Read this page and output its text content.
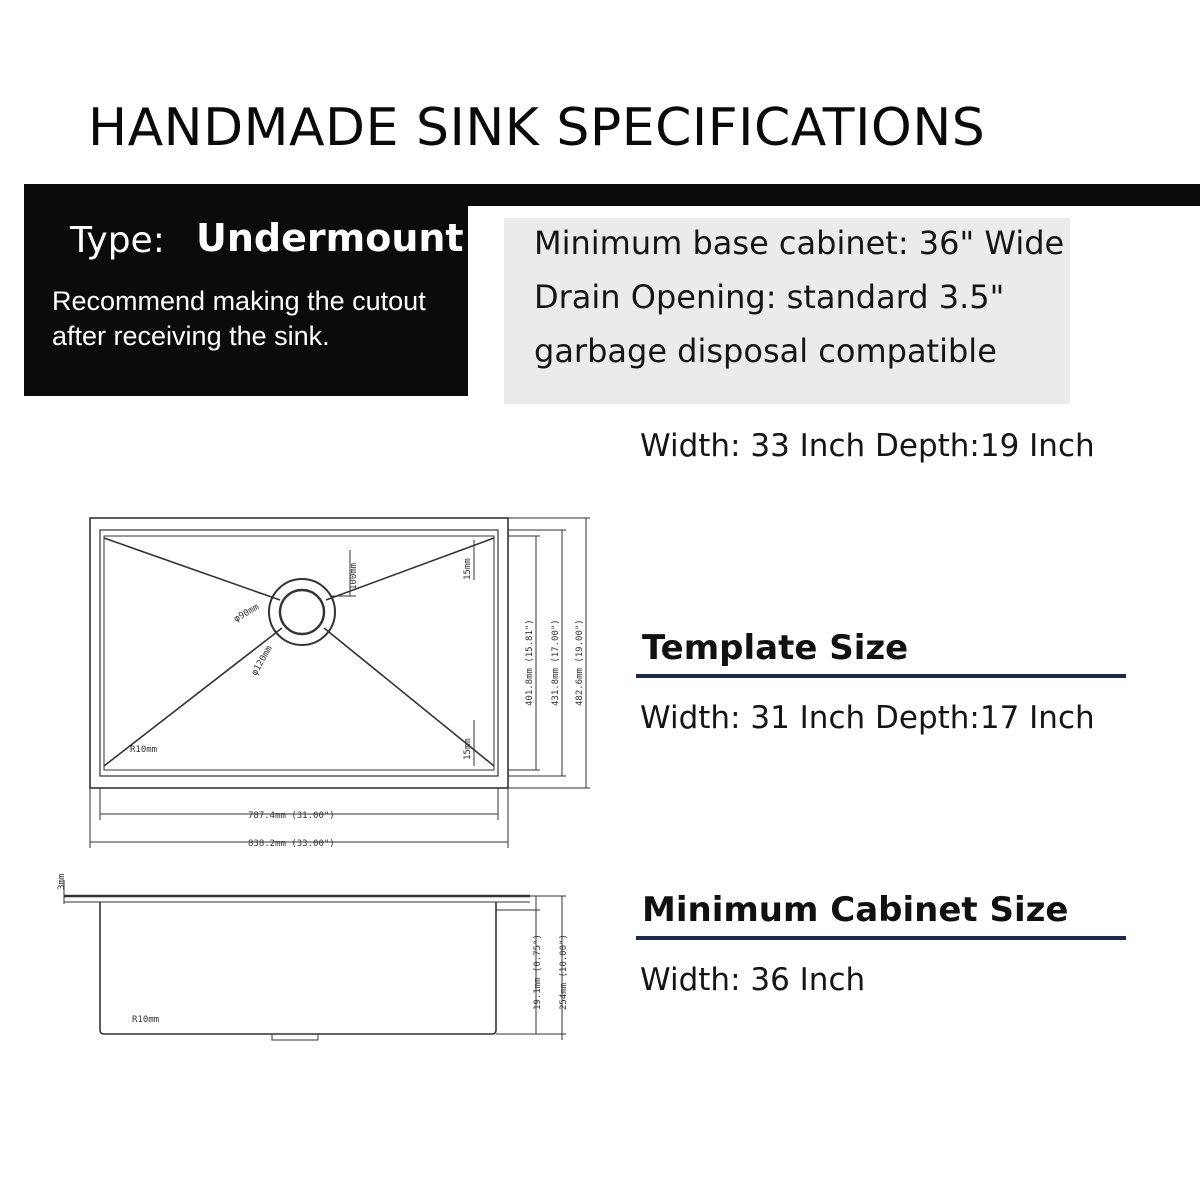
HANDMADE SINK SPECIFICATIONS
Type: Undermount
Recommend making the cutout after receiving the sink.
Minimum base cabinet: 36" Wide
Drain Opening: standard 3.5"
garbage disposal compatible
Width: 33 Inch Depth:19 Inch
Template Size
Width: 31 Inch Depth:17 Inch
Minimum Cabinet Size
Width: 36 Inch
φ90mm
φ120mm
100mm	15mm
15mm
R10mm
401.8mm (15.81") 431.8mm (17.00") 482.6mm (19.00")
787.4mm (31.00")
838.2mm (33.00")
3mm
19.1mm (0.75") 254mm (10.00")
R10mm
